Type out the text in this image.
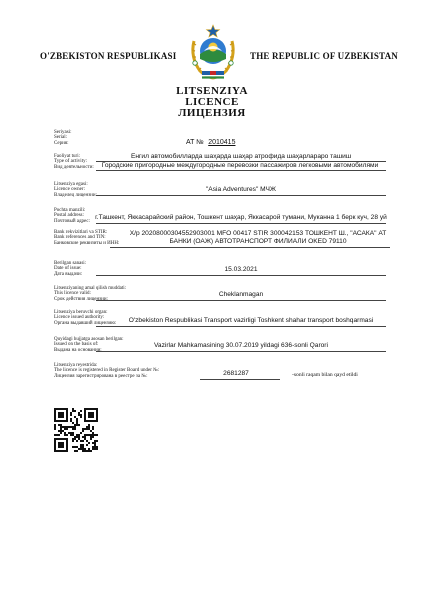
O'ZBEKISTON RESPUBLIKASI	THE REPUBLIC OF UZBEKISTAN
LITSENZIYA
LICENCE
ЛИЦЕНЗИЯ
Seriyasi:
Serial:
Серия:	AT № 2010415
Faoliyat turi:
Type of activity:
Вид деятельности:
Енгил автомобилларда шаҳарда шаҳар атрофида шаҳарлараро ташиш
Городские пригородные междугородные перевозки пассажиров легковыми автомобилями
Litsenziya egasi:
Licence owner:
Владелец лицензии:
"Asia Adventures" МЧЖ
Pochta manzili:
Postal address:
Почтовый адрес:
г.Ташкент, Яккасарайский район, Тошкент шаҳар, Яккасарой тумани, Муканна 1 берк куч, 28 уй
Bank rekvizitlari va STIR:
Bank references and TIN:
Банковские реквизиты и ИНН:
Х/р 20208000304552903001 MFO 00417 STIR 300042153 ТОШКЕНТ Ш., "АСАКА" АТ
БАНКИ (ОАЖ) АВТОТРАНСПОРТ ФИЛИАЛИ OKED 79110
Berilgan sanasi:
Date of issue:
Дата выдачи:
15.03.2021
Litsenziyaning amal qilish muddati:
This licence valid:
Срок действия лицензии:
Cheklanmagan
Litsenziya beruvchi organ:
Licence issued authority:
Органа выдавший лицензию:	O'zbekiston Respublikasi Transport vazirligi Toshkent shahar transport boshqarmasi
Quyidagi hujjatga asosan berilgan:
Issued on the basis of:
Выдана на основании:
Vazirlar Mahkamasining 30.07.2019 yildagi 636-sonli Qarori
Litsenziya reyestrida:
The licence is registered in Register Board under №:
Лицензия зарегистрирована в реестре за №:	2681287	-sonli raqam bilan qayd etildi
